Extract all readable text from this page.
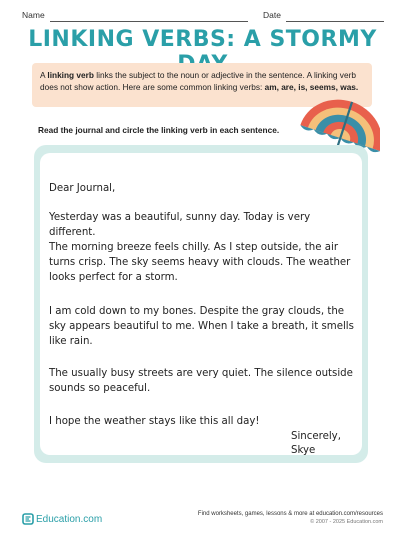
Name	Date
LINKING VERBS: A STORMY
A linking verb links the subject to the noun or adjective in the sentence. A linking verb does not show action. Here are some common linking verbs: am, are, is, seems, was.
Read the journal and circle the linking verb in each sentence.
Dear Journal,
Yesterday was a beautiful, sunny day. Today is very different.
The morning breeze feels chilly. As I step outside, the air turns crisp. The sky seems heavy with clouds. The weather looks perfect for a storm.
I am cold down to my bones. Despite the gray clouds, the sky appears beautiful to me. When I take a breath, it smells like rain.
The usually busy streets are very quiet. The silence outside sounds so peaceful.
I hope the weather stays like this all day!
Sincerely,
Skye
Education.com	Find worksheets, games, lessons & more at education.com/resources
© 2007 - 2025 Education.com
